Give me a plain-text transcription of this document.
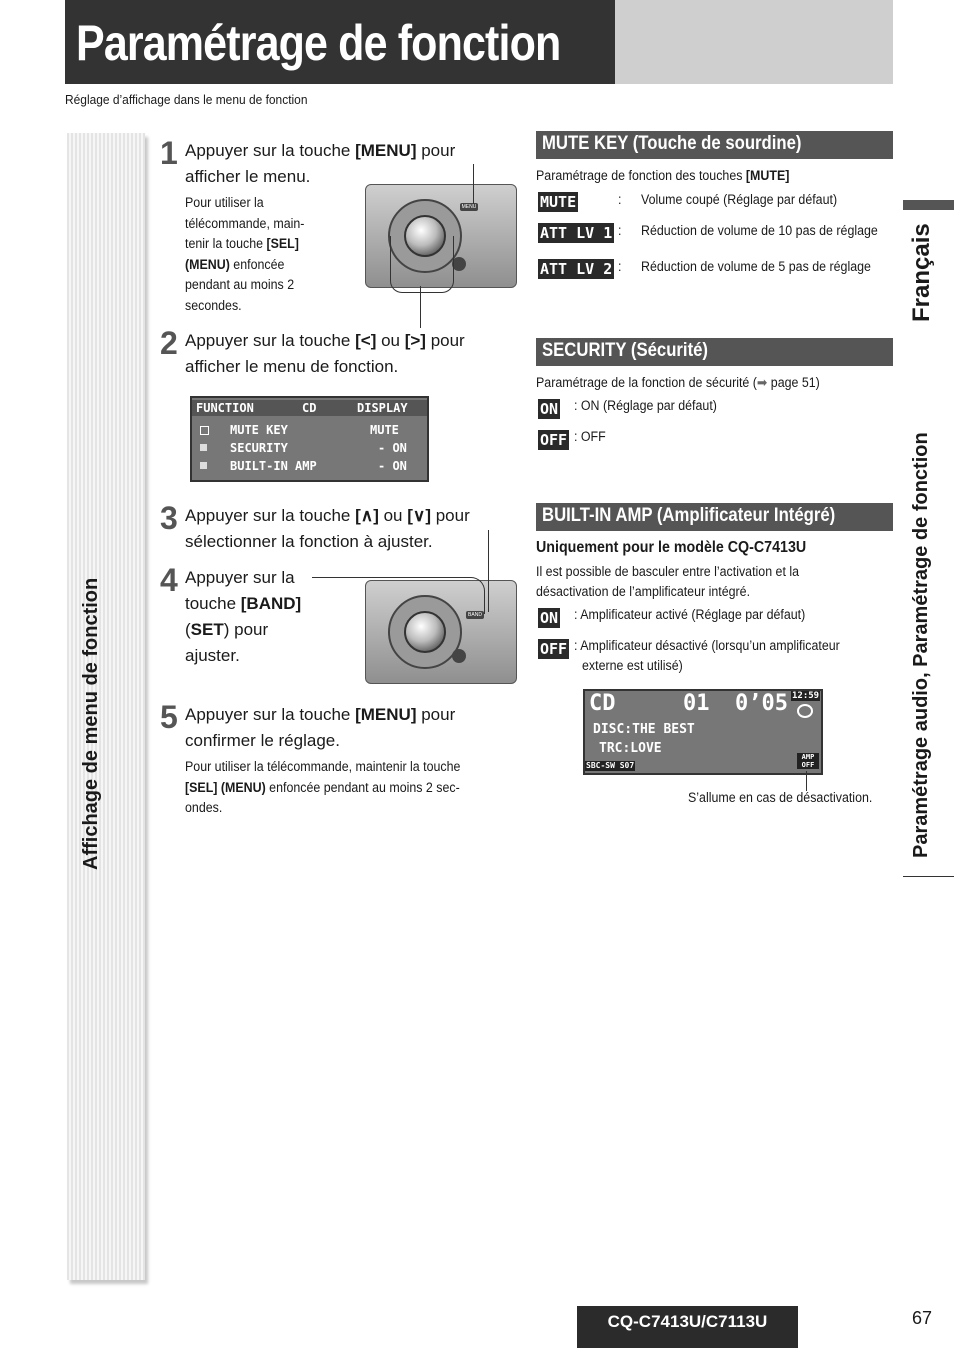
Paramétrage de fonction
Réglage d’affichage dans le menu de fonction
Affichage de menu de fonction
Français
Paramétrage audio, Paramétrage de fonction
1 Appuyer sur la touche [MENU] pour
afficher le menu.
Pour utiliser la
télécommande, main-
tenir la touche [SEL]
(MENU) enfoncée
pendant au moins 2
secondes.
MENU
2 Appuyer sur la touche [<] ou [>] pour
afficher le menu de fonction.
FUNCTION	CD	DISPLAY
MUTE KEY	MUTE
SECURITY	- ON
BUILT-IN AMP	- ON
3 Appuyer sur la touche [∧] ou [∨] pour
sélectionner la fonction à ajuster.
4 Appuyer sur la
touche [BAND]
(SET) pour
ajuster.
BAND
5 Appuyer sur la touche [MENU] pour
confirmer le réglage.
Pour utiliser la télécommande, maintenir la touche
[SEL] (MENU) enfoncée pendant au moins 2 sec-
ondes.
MUTE KEY (Touche de sourdine)
Paramétrage de fonction des touches [MUTE]
MUTE	: Volume coupé (Réglage par défaut)
ATT LV 1 : Réduction de volume de 10 pas de réglage
ATT LV 2 : Réduction de volume de 5 pas de réglage
SECURITY (Sécurité)
Paramétrage de la fonction de sécurité (➡ page 51)
ON : ON (Réglage par défaut)
OFF : OFF
BUILT-IN AMP (Amplificateur Intégré)
Uniquement pour le modèle CQ-C7413U
Il est possible de basculer entre l’activation et la
désactivation de l’amplificateur intégré.
ON : Amplificateur activé (Réglage par défaut)
OFF : Amplificateur désactivé (lorsqu’un amplificateur
externe est utilisé)
CD	01 0’05 12:59
DISC:THE BEST
TRC:LOVE
SBC-SW S07
AMP OFF
S’allume en cas de désactivation.
CQ-C7413U/C7113U	67
